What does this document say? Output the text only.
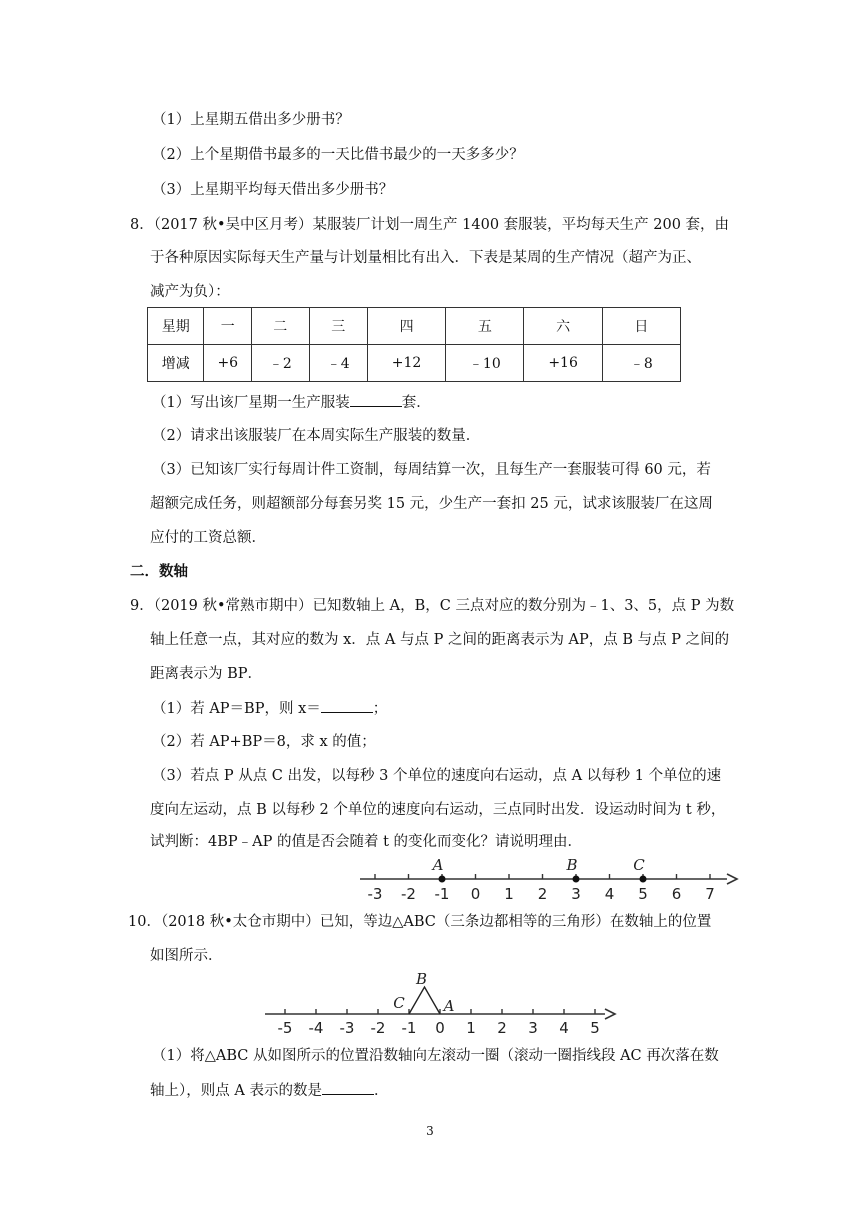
（1）上星期五借出多少册书？
（2）上个星期借书最多的一天比借书最少的一天多多少？
（3）上星期平均每天借出多少册书？
8．（2017 秋•吴中区月考）某服装厂计划一周生产 1400 套服装，平均每天生产 200 套，由
于各种原因实际每天生产量与计划量相比有出入．下表是某周的生产情况（超产为正、
减产为负）：
星期	一	二	三	四	五	六	日
增减	+6	﹣2	﹣4	+12	﹣10	+16	﹣8
（1）写出该厂星期一生产服装	套．
（2）请求出该服装厂在本周实际生产服装的数量．
（3）已知该厂实行每周计件工资制，每周结算一次，且每生产一套服装可得 60 元，若
超额完成任务，则超额部分每套另奖 15 元，少生产一套扣 25 元，试求该服装厂在这周
应付的工资总额．
二．数轴
9．（2019 秋•常熟市期中）已知数轴上 A，B，C 三点对应的数分别为﹣1、3、5，点 P 为数
轴上任意一点，其对应的数为 x．点 A 与点 P 之间的距离表示为 AP，点 B 与点 P 之间的
距离表示为 BP．
（1）若 AP＝BP，则 x＝	；
（2）若 AP+BP＝8，求 x 的值；
（3）若点 P 从点 C 出发，以每秒 3 个单位的速度向右运动，点 A 以每秒 1 个单位的速
度向左运动，点 B 以每秒 2 个单位的速度向右运动，三点同时出发．设运动时间为 t 秒，
试判断：4BP﹣AP 的值是否会随着 t 的变化而变化？请说明理由．
-3 -2 -1 0 1 2 3 4 5 6 7
A	B	C
10．（2018 秋•太仓市期中）已知，等边△ABC（三条边都相等的三角形）在数轴上的位置
如图所示．
-5 -4 -3 -2 -1 0 1 2 3 4 5
B
C	A
（1）将△ABC 从如图所示的位置沿数轴向左滚动一圈（滚动一圈指线段 AC 再次落在数
轴上），则点 A 表示的数是	．
3
